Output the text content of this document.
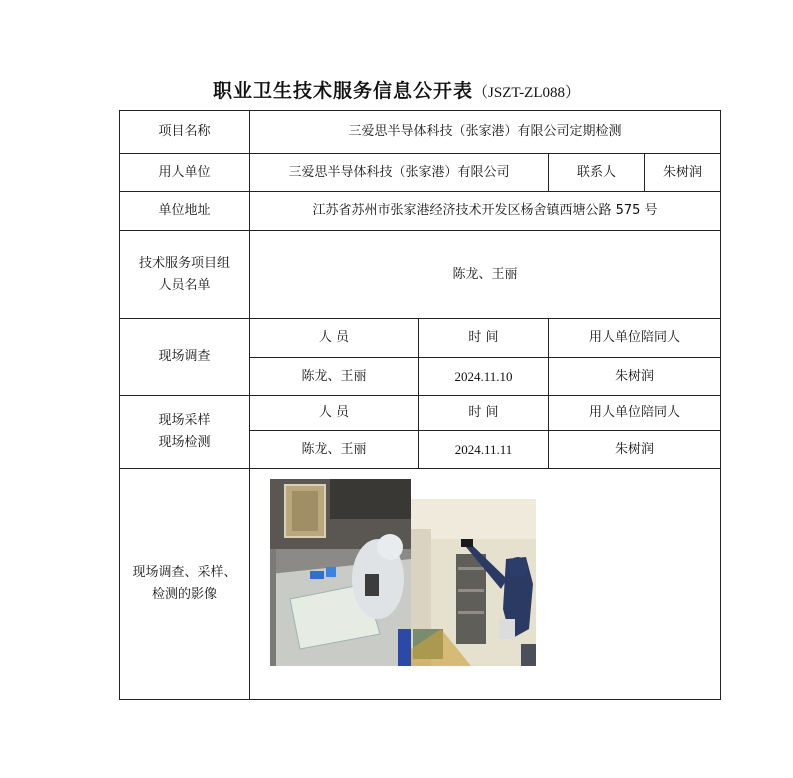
职业卫生技术服务信息公开表（JSZT-ZL088）
项目名称	三爱思半导体科技（张家港）有限公司定期检测			
用人单位	三爱思半导体科技（张家港）有限公司		联系人	朱树润
单位地址	江苏省苏州市张家港经济技术开发区杨舍镇西塘公路 575 号			

技术服务项目组
人员名单	陈龙、王丽			
现场调查	人 员	时 间	用人单位陪同人	
	陈龙、王丽	2024.11.10	朱树润	

现场采样
现场检测	人 员	时 间	用人单位陪同人	
	陈龙、王丽	2024.11.11	朱树润	

现场调查、采样、
检测的影像
